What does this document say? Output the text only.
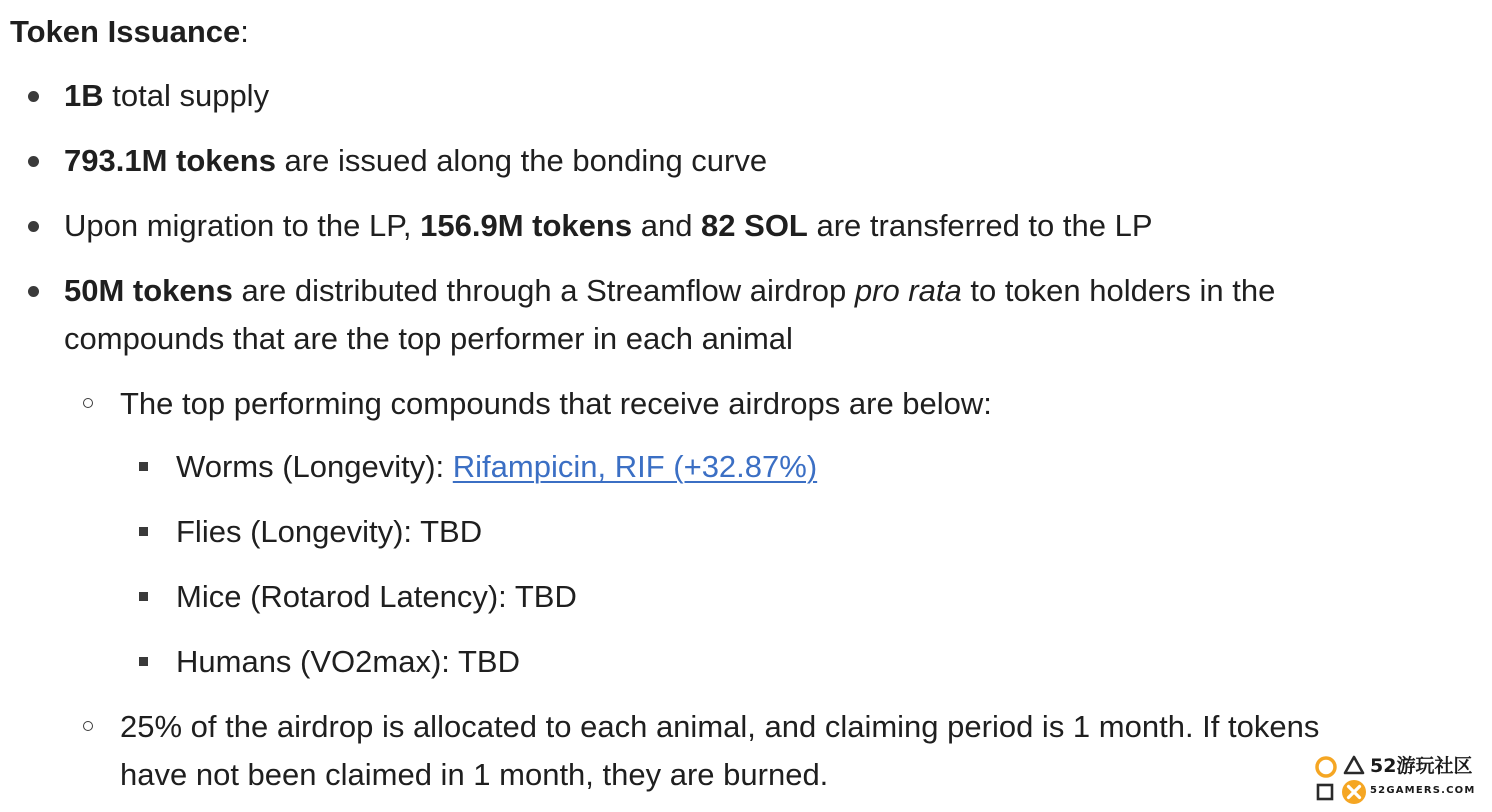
Token Issuance:
1B total supply
793.1M tokens are issued along the bonding curve
Upon migration to the LP, 156.9M tokens and 82 SOL are transferred to the LP
50M tokens are distributed through a Streamflow airdrop pro rata to token holders in the
compounds that are the top performer in each animal
The top performing compounds that receive airdrops are below:
Worms (Longevity): Rifampicin, RIF (+32.87%)
Flies (Longevity): TBD
Mice (Rotarod Latency): TBD
Humans (VO2max): TBD
25% of the airdrop is allocated to each animal, and claiming period is 1 month. If tokens
have not been claimed in 1 month, they are burned.	52游玩社区
52GAMERS.COM
